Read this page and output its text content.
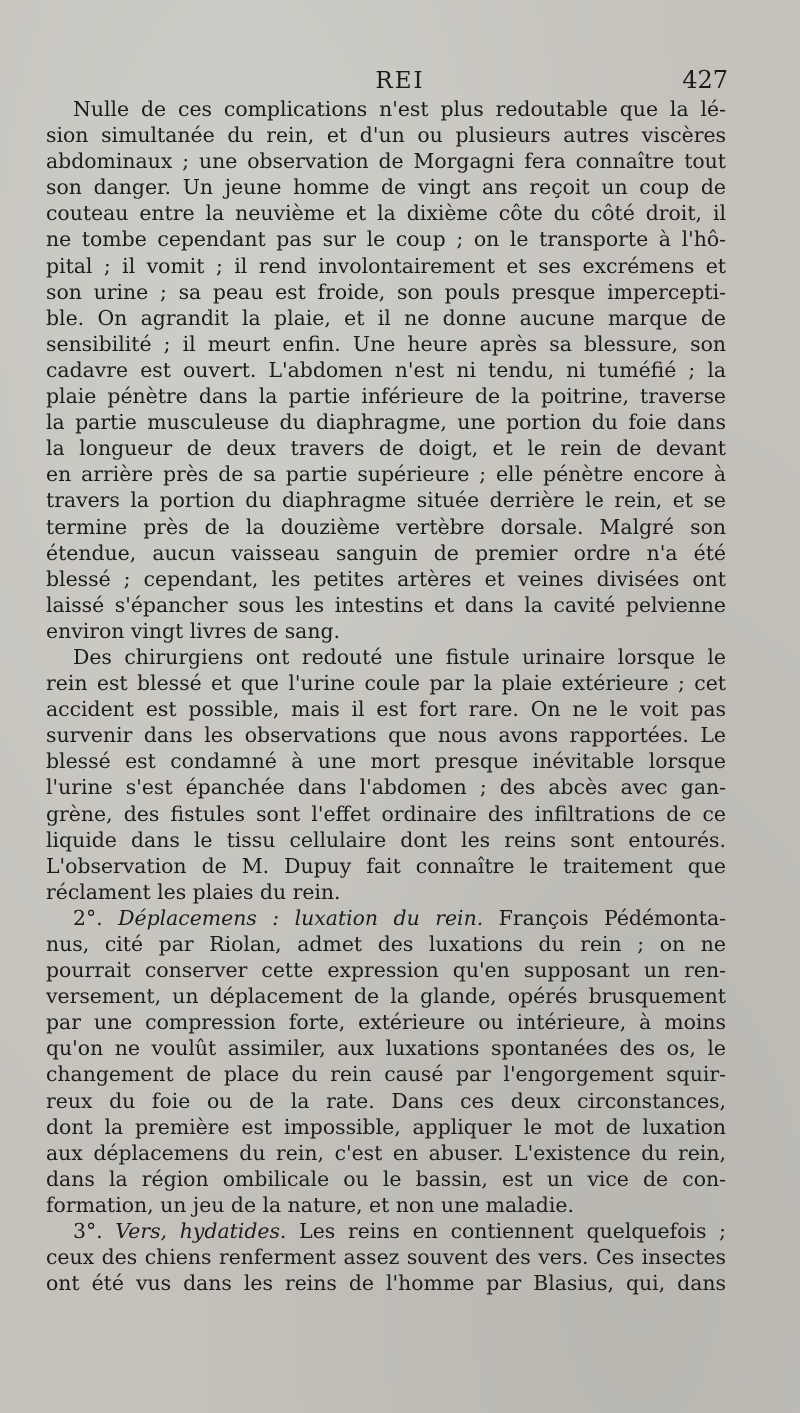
REI	427
Nulle de ces complications n'est plus redoutable que la lé-
sion simultanée du rein, et d'un ou plusieurs autres viscères
abdominaux ; une observation de Morgagni fera connaître tout
son danger. Un jeune homme de vingt ans reçoit un coup de
couteau entre la neuvième et la dixième côte du côté droit, il
ne tombe cependant pas sur le coup ; on le transporte à l'hô-
pital ; il vomit ; il rend involontairement et ses excrémens et
son urine ; sa peau est froide, son pouls presque impercepti-
ble. On agrandit la plaie, et il ne donne aucune marque de
sensibilité ; il meurt enfin. Une heure après sa blessure, son
cadavre est ouvert. L'abdomen n'est ni tendu, ni tuméfié ; la
plaie pénètre dans la partie inférieure de la poitrine, traverse
la partie musculeuse du diaphragme, une portion du foie dans
la longueur de deux travers de doigt, et le rein de devant
en arrière près de sa partie supérieure ; elle pénètre encore à
travers la portion du diaphragme située derrière le rein, et se
termine près de la douzième vertèbre dorsale. Malgré son
étendue, aucun vaisseau sanguin de premier ordre n'a été
blessé ; cependant, les petites artères et veines divisées ont
laissé s'épancher sous les intestins et dans la cavité pelvienne
environ vingt livres de sang.
Des chirurgiens ont redouté une fistule urinaire lorsque le
rein est blessé et que l'urine coule par la plaie extérieure ; cet
accident est possible, mais il est fort rare. On ne le voit pas
survenir dans les observations que nous avons rapportées. Le
blessé est condamné à une mort presque inévitable lorsque
l'urine s'est épanchée dans l'abdomen ; des abcès avec gan-
grène, des fistules sont l'effet ordinaire des infiltrations de ce
liquide dans le tissu cellulaire dont les reins sont entourés.
L'observation de M. Dupuy fait connaître le traitement que
réclament les plaies du rein.
2°. Déplacemens : luxation du rein. François Pédémonta-
nus, cité par Riolan, admet des luxations du rein ; on ne
pourrait conserver cette expression qu'en supposant un ren-
versement, un déplacement de la glande, opérés brusquement
par une compression forte, extérieure ou intérieure, à moins
qu'on ne voulût assimiler, aux luxations spontanées des os, le
changement de place du rein causé par l'engorgement squir-
reux du foie ou de la rate. Dans ces deux circonstances,
dont la première est impossible, appliquer le mot de luxation
aux déplacemens du rein, c'est en abuser. L'existence du rein,
dans la région ombilicale ou le bassin, est un vice de con-
formation, un jeu de la nature, et non une maladie.
3°. Vers, hydatides. Les reins en contiennent quelquefois ;
ceux des chiens renferment assez souvent des vers. Ces insectes
ont été vus dans les reins de l'homme par Blasius, qui, dans
